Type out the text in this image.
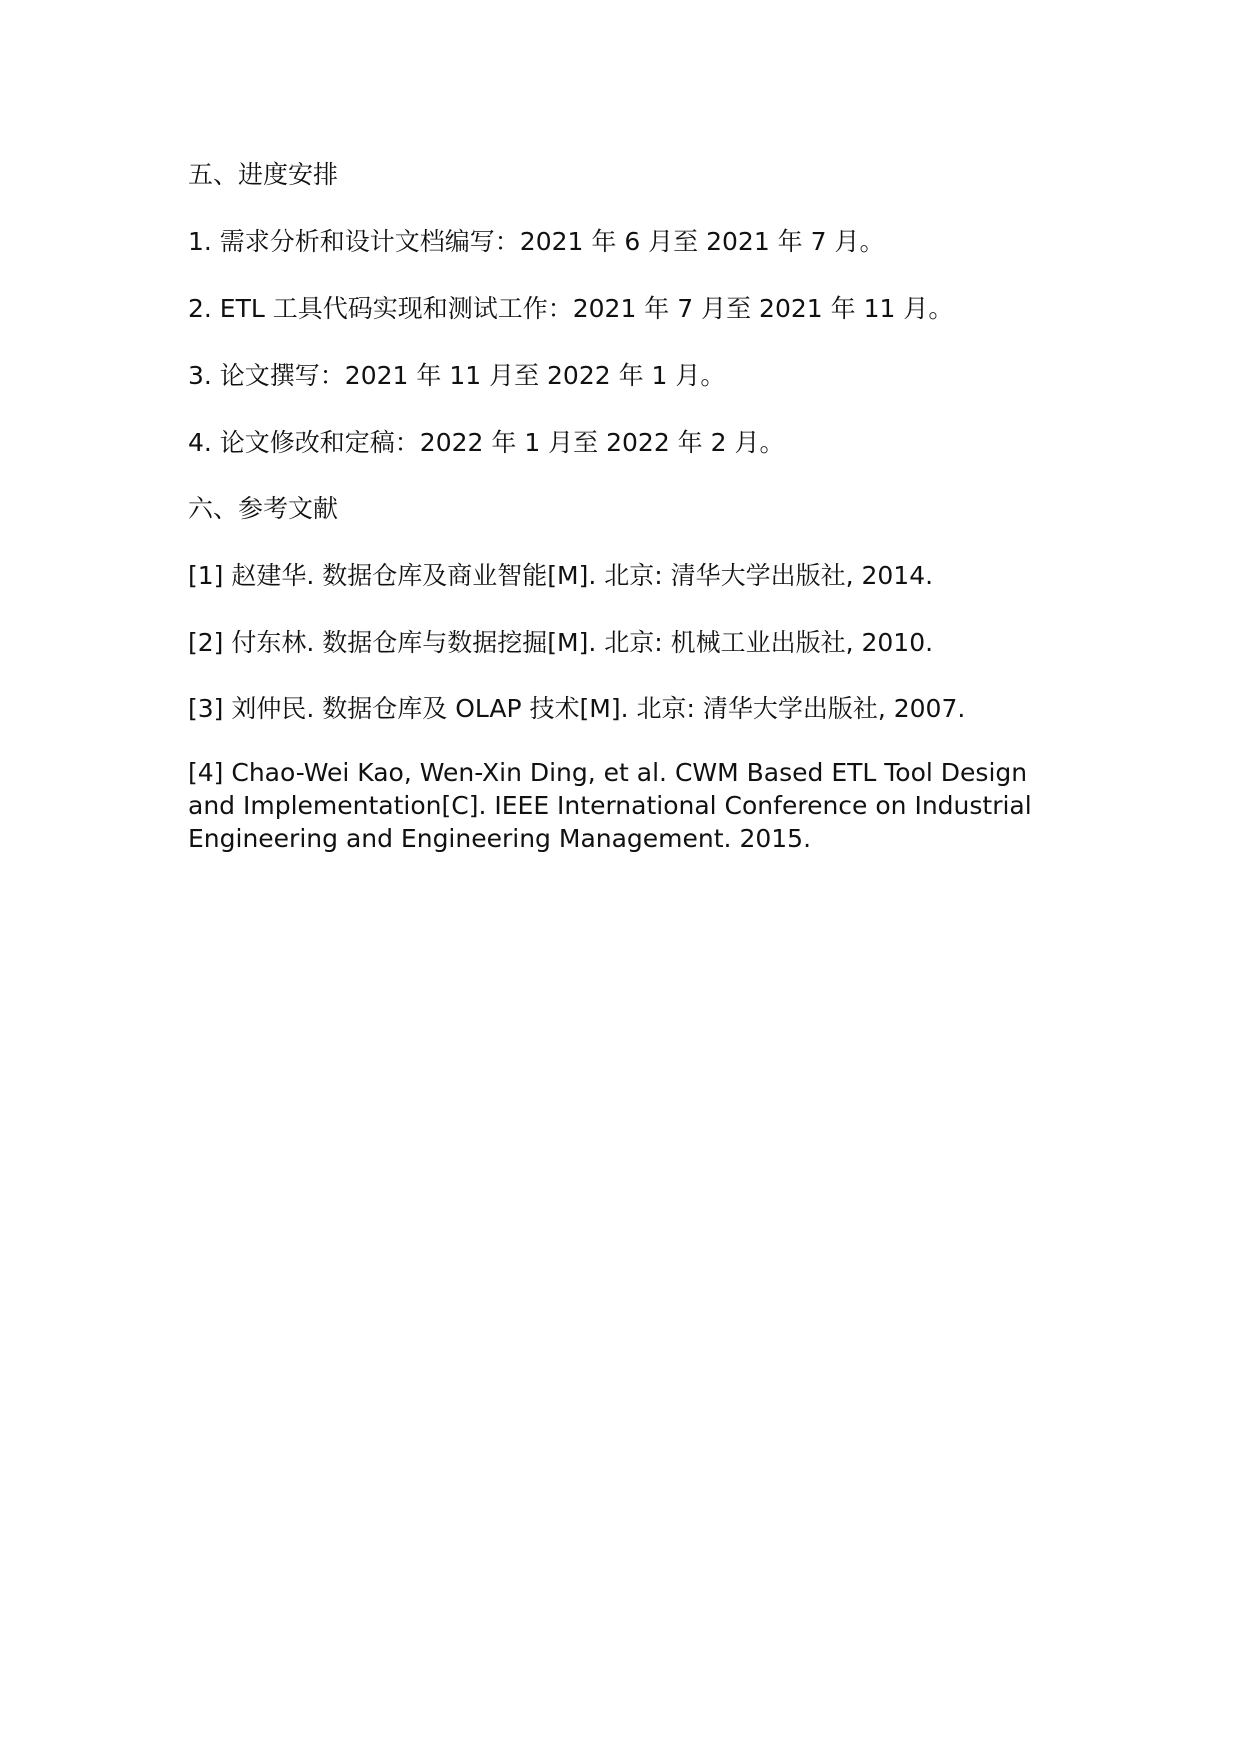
五、进度安排
1. 需求分析和设计文档编写：2021 年 6 月至 2021 年 7 月。
2. ETL 工具代码实现和测试工作：2021 年 7 月至 2021 年 11 月。
3. 论文撰写：2021 年 11 月至 2022 年 1 月。
4. 论文修改和定稿：2022 年 1 月至 2022 年 2 月。
六、参考文献
[1] 赵建华. 数据仓库及商业智能[M]. 北京: 清华大学出版社, 2014.
[2] 付东林. 数据仓库与数据挖掘[M]. 北京: 机械工业出版社, 2010.
[3] 刘仲民. 数据仓库及 OLAP 技术[M]. 北京: 清华大学出版社, 2007.
[4] Chao-Wei Kao, Wen-Xin Ding, et al. CWM Based ETL Tool Design and Implementation[C]. IEEE International Conference on Industrial Engineering and Engineering Management. 2015.
